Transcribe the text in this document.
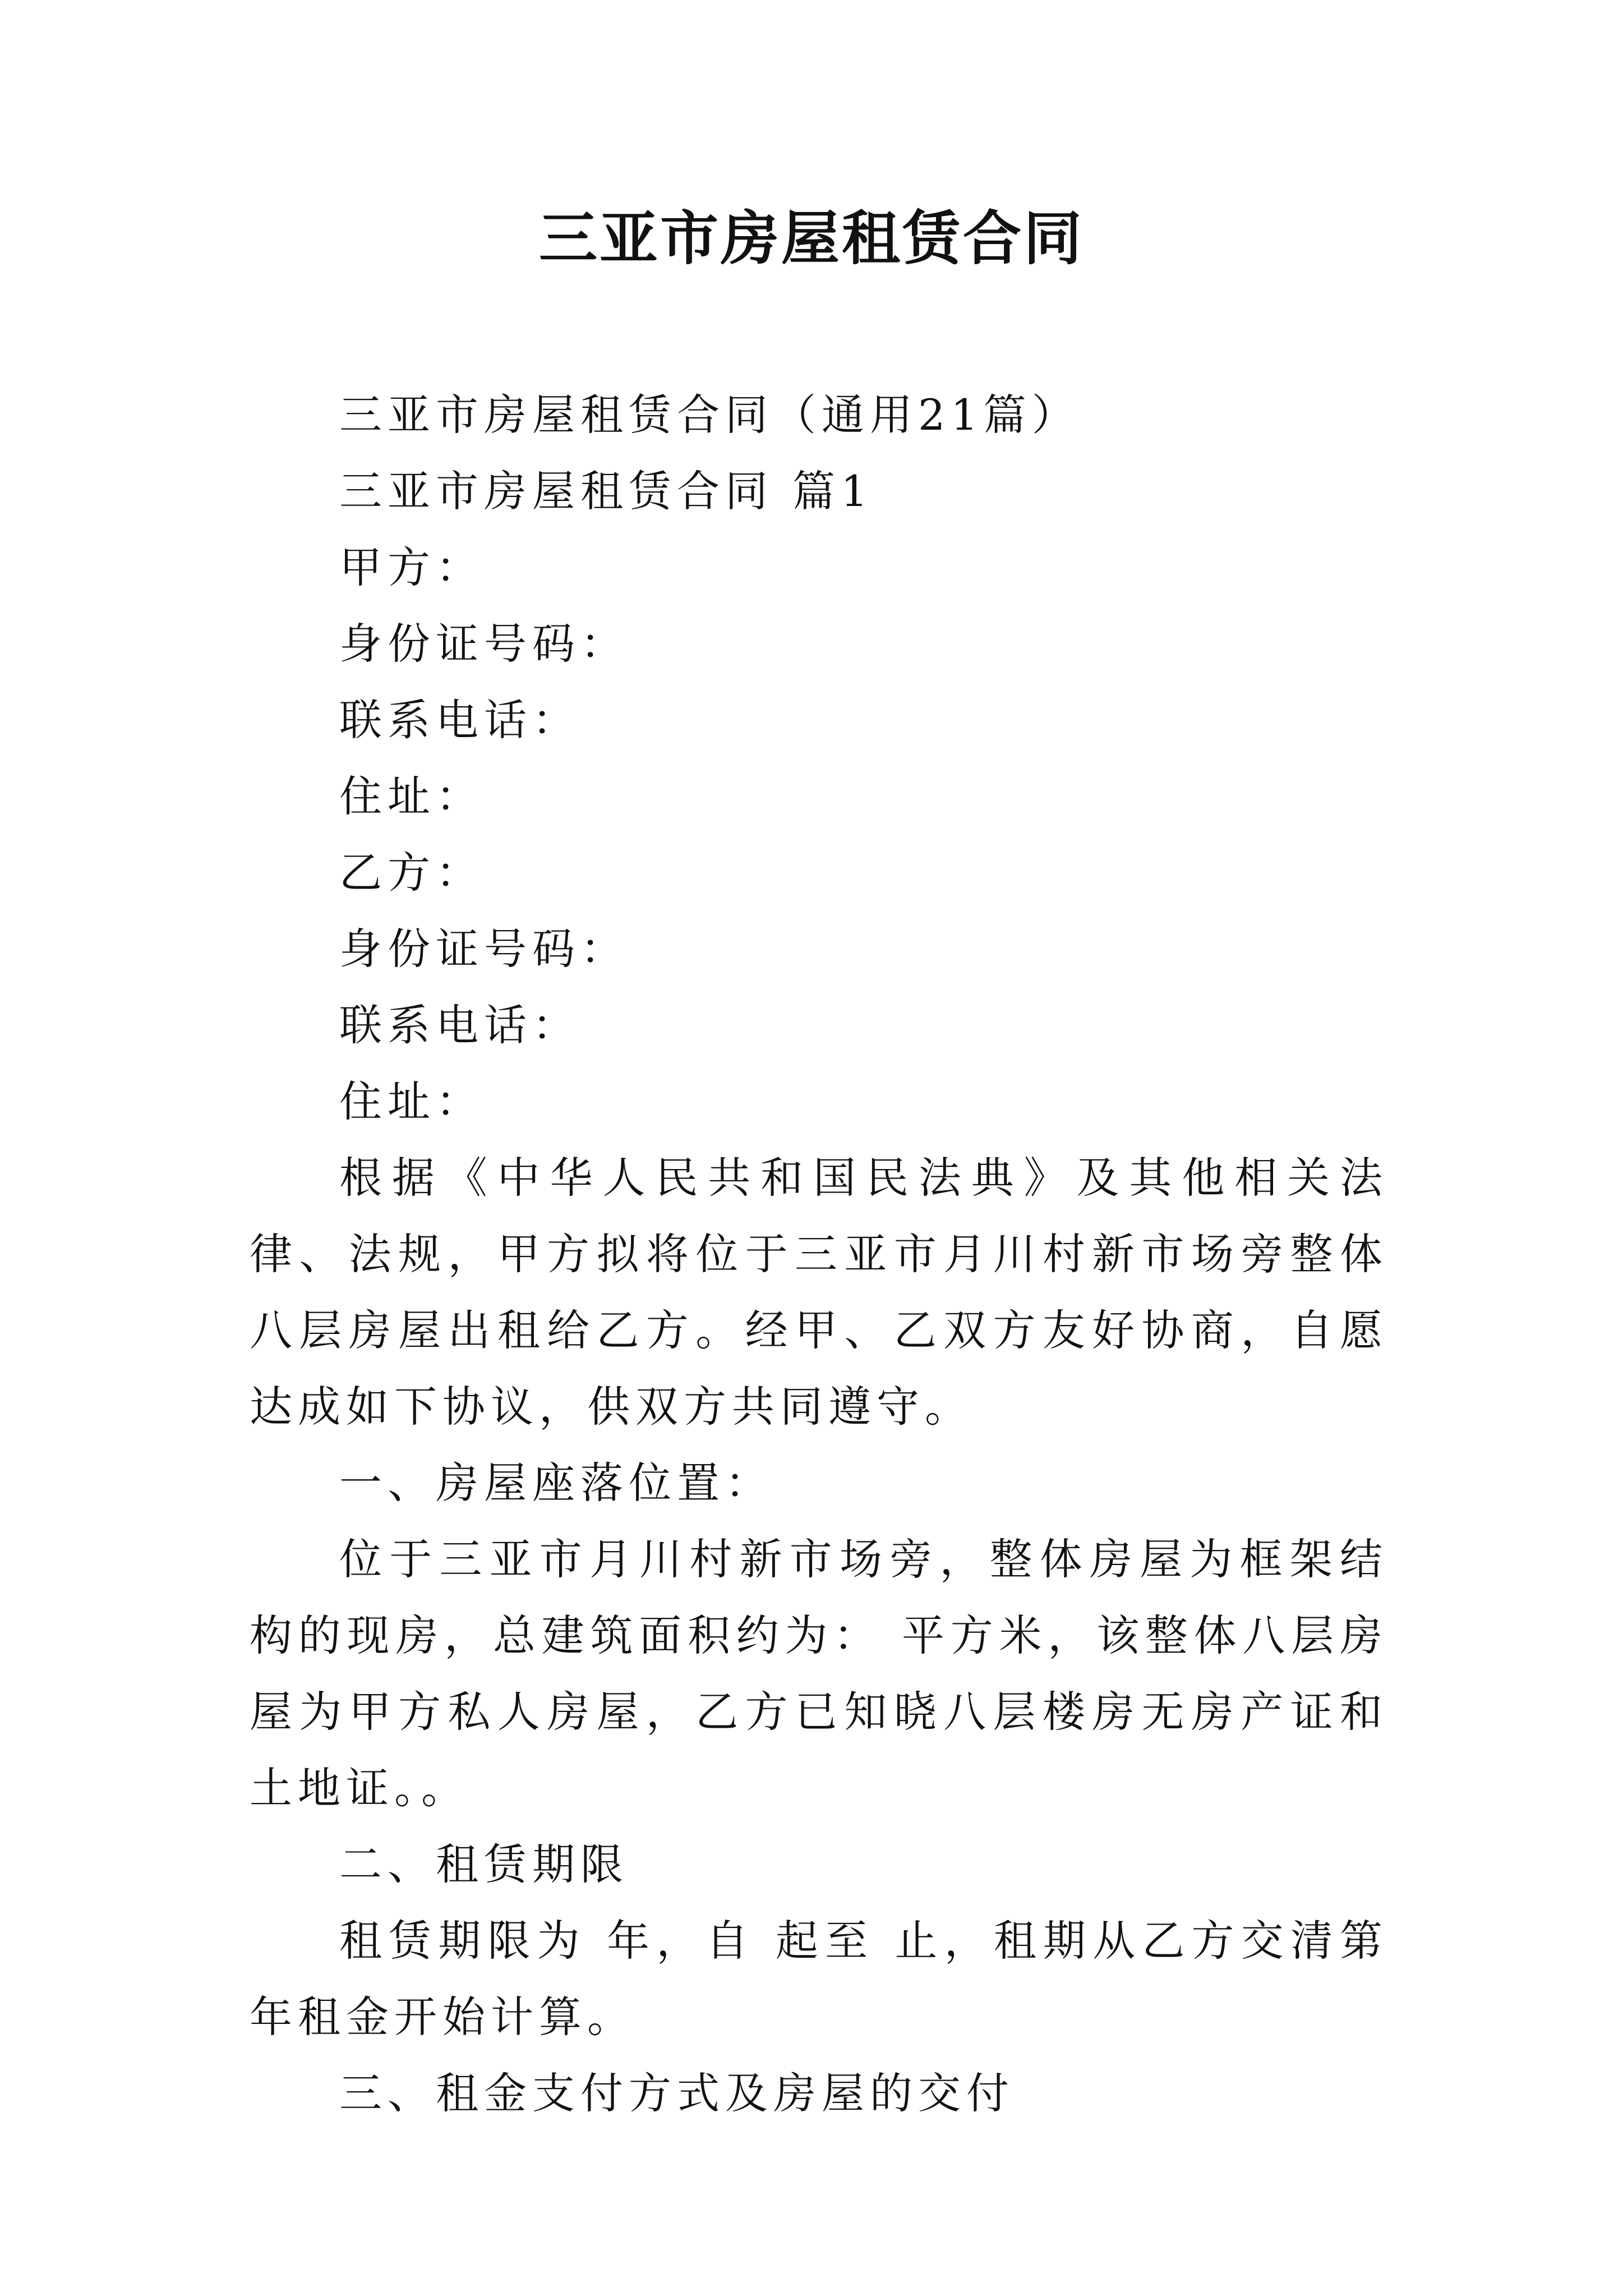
三亚市房屋租赁合同

三亚市房屋租赁合同（通用21篇）

三亚市房屋租赁合同 篇1

甲方：

身份证号码：

联系电话：

住址：

乙方：

身份证号码：

联系电话：

住址：

根据《中华人民共和国民法典》及其他相关法律、法规，甲方拟将位于三亚市月川村新市场旁整体八层房屋出租给乙方。经甲、乙双方友好协商，自愿达成如下协议，供双方共同遵守。

一、房屋座落位置：

位于三亚市月川村新市场旁，整体房屋为框架结构的现房，总建筑面积约为： 平方米，该整体八层房屋为甲方私人房屋，乙方已知晓八层楼房无房产证和土地证。。

二、租赁期限

租赁期限为 年，自 起至 止，租期从乙方交清第 年租金开始计算。

三、租金支付方式及房屋的交付
